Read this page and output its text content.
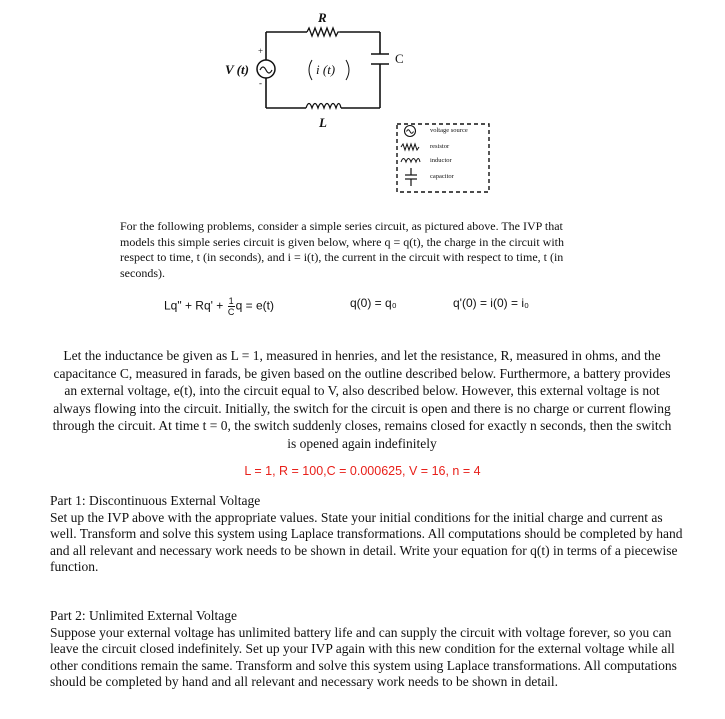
R
V (t)
+
-
i (t)
C
L
voltage source
resistor
inductor
capacitor
For the following problems, consider a simple series circuit, as pictured above. The IVP that models this simple series circuit is given below, where q = q(t), the charge in the circuit with respect to time, t (in seconds), and i = i(t), the current in the circuit with respect to time, t (in seconds).
Lq" + $Rq' + \frac{1}{C}$ q = e(t)	q(0) = q₀	q'(0) = i(0) = i₀
Let the inductance be given as L = 1, measured in henries, and let the resistance, R, measured in ohms, and the capacitance C, measured in farads, be given based on the outline described below. Furthermore, a battery provides an external voltage, e(t), into the circuit equal to V, also described below. However, this external voltage is not always flowing into the circuit. Initially, the switch for the circuit is open and there is no charge or current flowing through the circuit. At time t = 0, the switch suddenly closes, remains closed for exactly n seconds, then the switch is opened again indefinitely
L = 1, R = 100,C = 0.000625, V = 16, n = 4
Part 1: Discontinuous External Voltage
Set up the IVP above with the appropriate values. State your initial conditions for the initial charge and current as well. Transform and solve this system using Laplace transformations. All computations should be completed by hand and all relevant and necessary work needs to be shown in detail. Write your equation for q(t) in terms of a piecewise function.
Part 2: Unlimited External Voltage
Suppose your external voltage has unlimited battery life and can supply the circuit with voltage forever, so you can leave the circuit closed indefinitely. Set up your IVP again with this new condition for the external voltage while all other conditions remain the same. Transform and solve this system using Laplace transformations. All computations should be completed by hand and all relevant and necessary work needs to be shown in detail.
